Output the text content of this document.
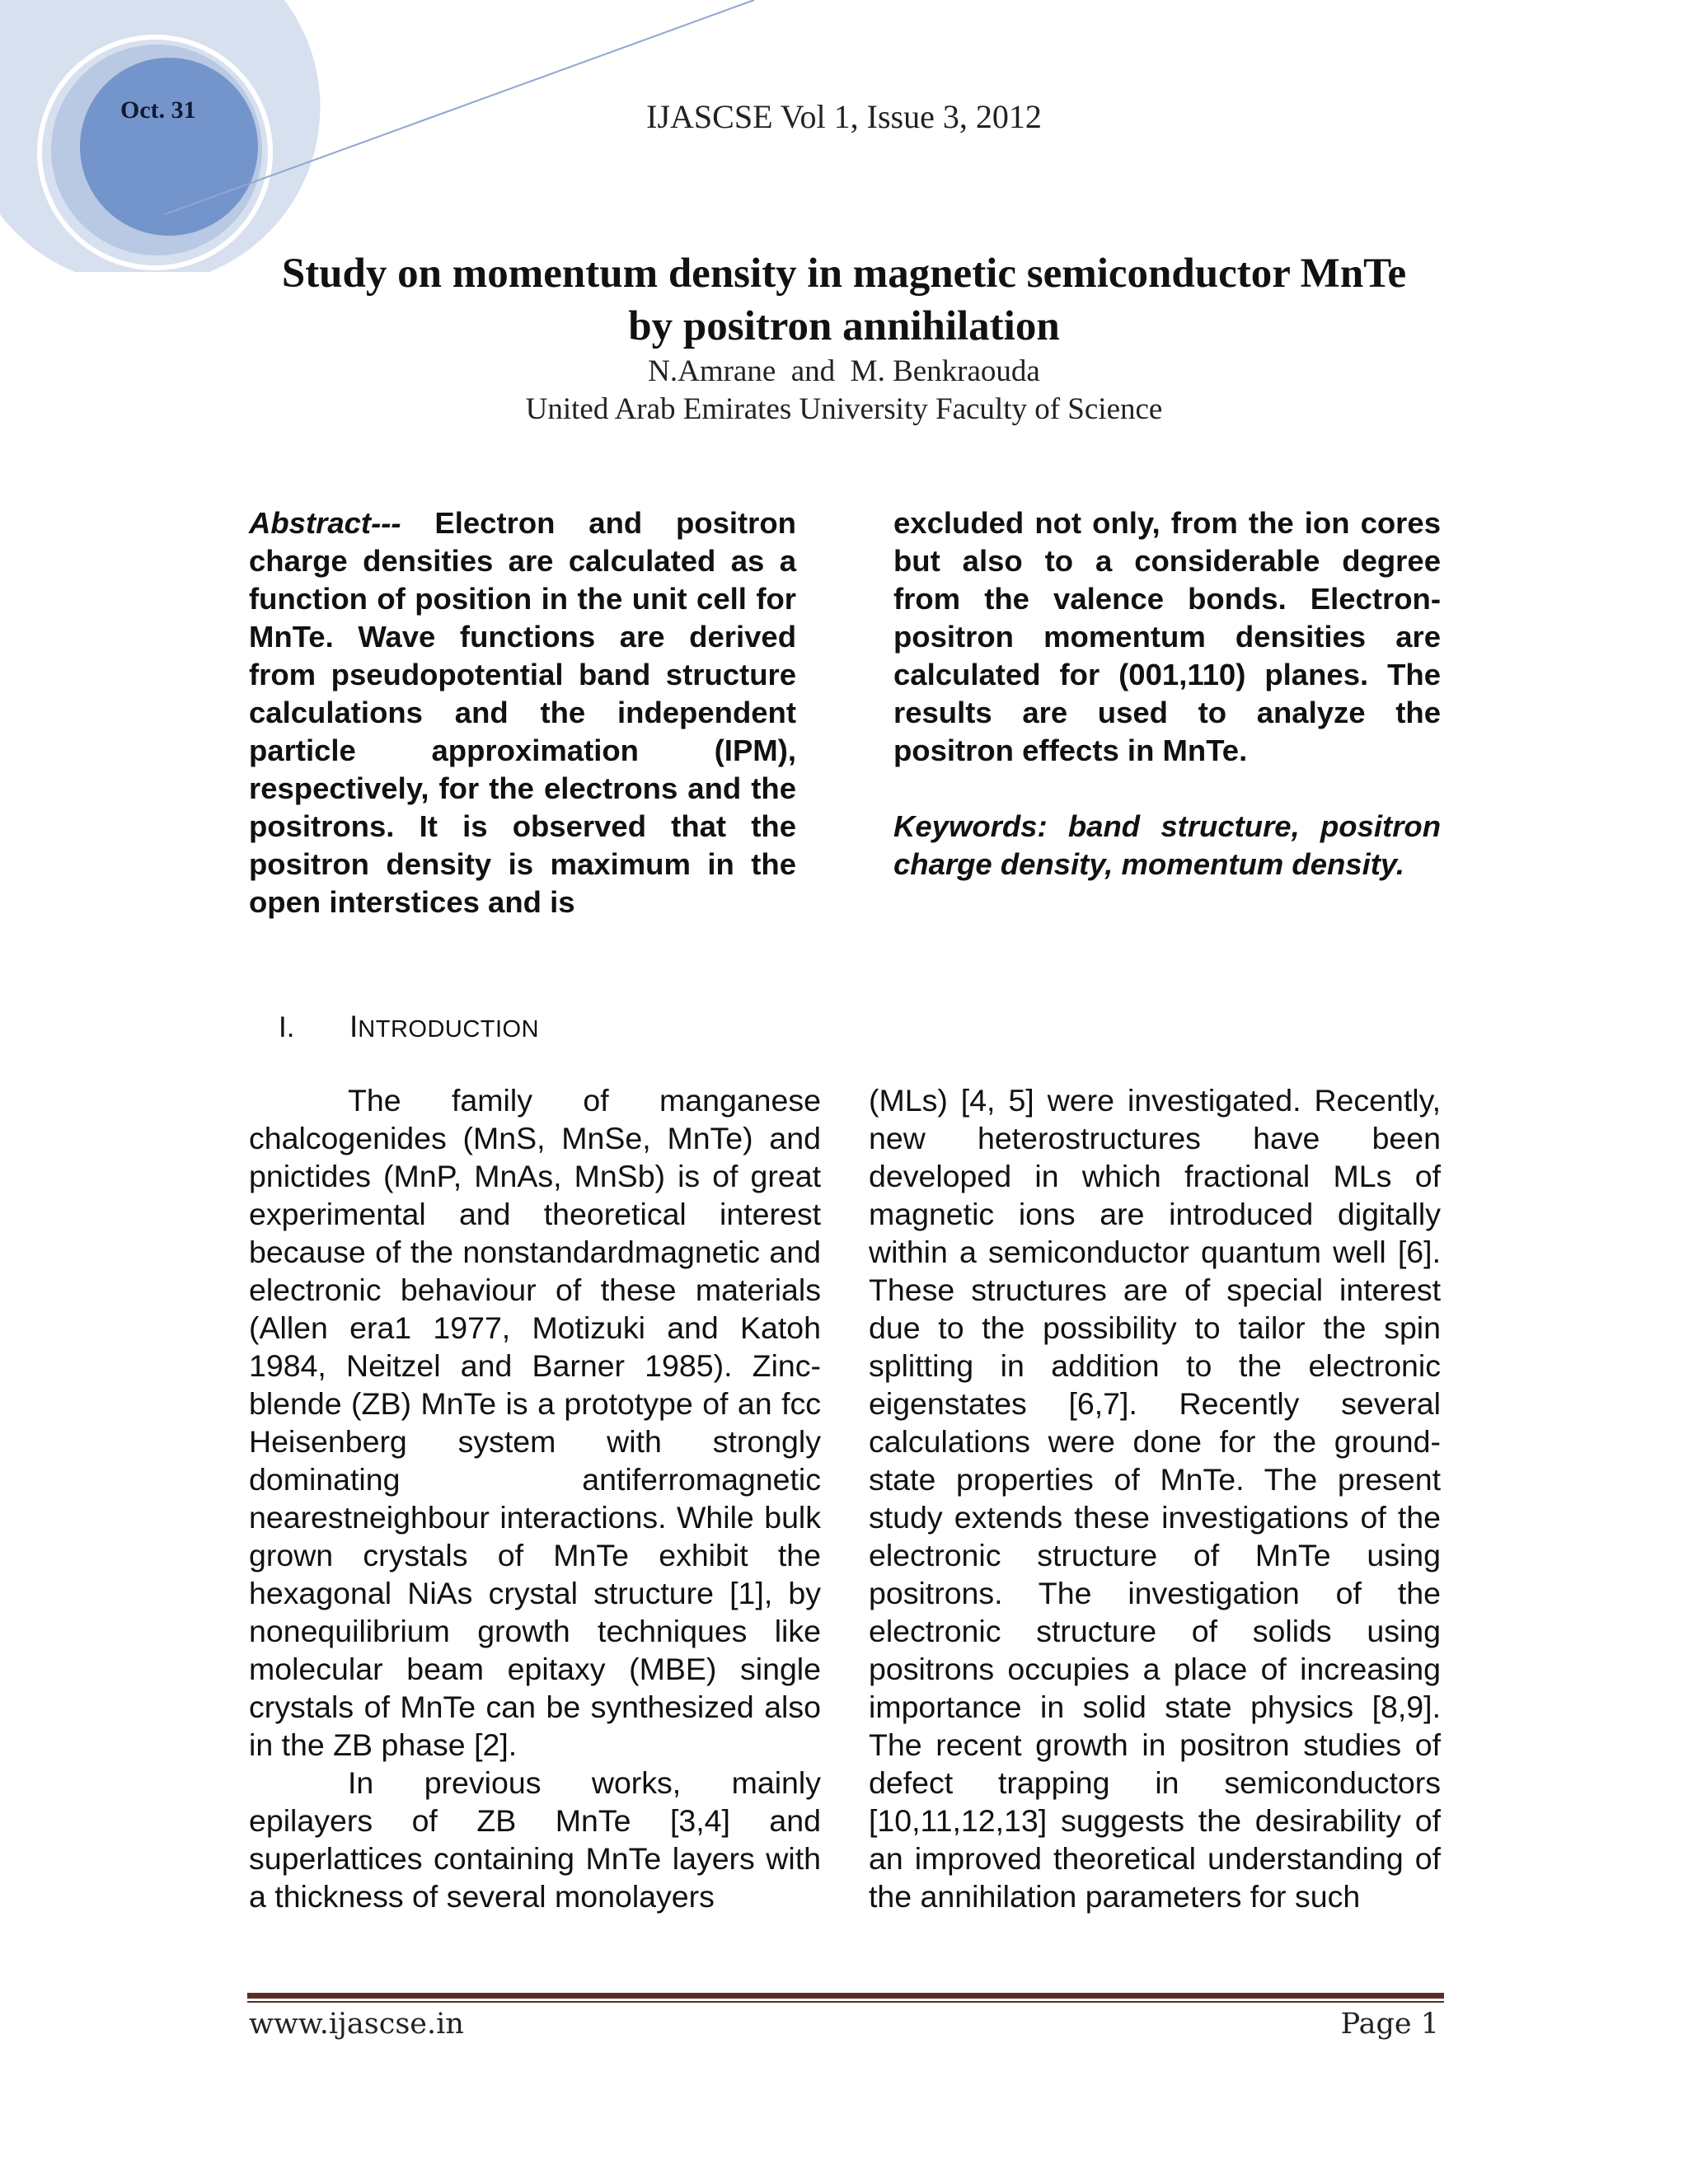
Oct. 31	IJASCSE Vol 1, Issue 3, 2012
Study on momentum density in magnetic semiconductor MnTe
by positron annihilation
N.Amrane  and  M. Benkraouda
United Arab Emirates University Faculty of Science
Abstract--- Electron and positron charge densities are calculated as a function of position in the unit cell for MnTe. Wave functions are derived from pseudopotential band structure calculations and the independent particle approximation (IPM), respectively, for the electrons and the positrons. It is observed that the positron density is maximum in the open interstices and is
excluded not only, from the ion cores but also to a considerable degree from the valence bonds. Electron-positron momentum densities are calculated for (001,110) planes. The results are used to analyze the positron effects in MnTe.
Keywords: band structure, positron charge density, momentum density.
I. INTRODUCTION

The family of manganese chalcogenides (MnS, MnSe, MnTe) and pnictides (MnP, MnAs, MnSb) is of great experimental and theoretical interest because of the nonstandardmagnetic and electronic behaviour of these materials (Allen era1 1977, Motizuki and Katoh 1984, Neitzel and Barner 1985). Zinc-blende (ZB) MnTe is a prototype of an fcc Heisenberg system with strongly dominating antiferromagnetic nearestneighbour interactions. While bulk grown crystals of MnTe exhibit the hexagonal NiAs crystal structure [1], by nonequilibrium growth techniques like molecular beam epitaxy (MBE) single crystals of MnTe can be synthesized also in the ZB phase [2].

In previous works, mainly epilayers of ZB MnTe [3,4] and superlattices containing MnTe layers with a thickness of several monolayers

(MLs) [4, 5] were investigated. Recently, new heterostructures have been developed in which fractional MLs of magnetic ions are introduced digitally within a semiconductor quantum well [6]. These structures are of special interest due to the possibility to tailor the spin splitting in addition to the electronic eigenstates [6,7]. Recently several calculations were done for the ground-state properties of MnTe. The present study extends these investigations of the electronic structure of MnTe using positrons. The investigation of the electronic structure of solids using positrons occupies a place of increasing importance in solid state physics [8,9]. The recent growth in positron studies of defect trapping in semiconductors [10,11,12,13] suggests the desirability of an improved theoretical understanding of the annihilation parameters for such

www.ijascse.in	Page 1
